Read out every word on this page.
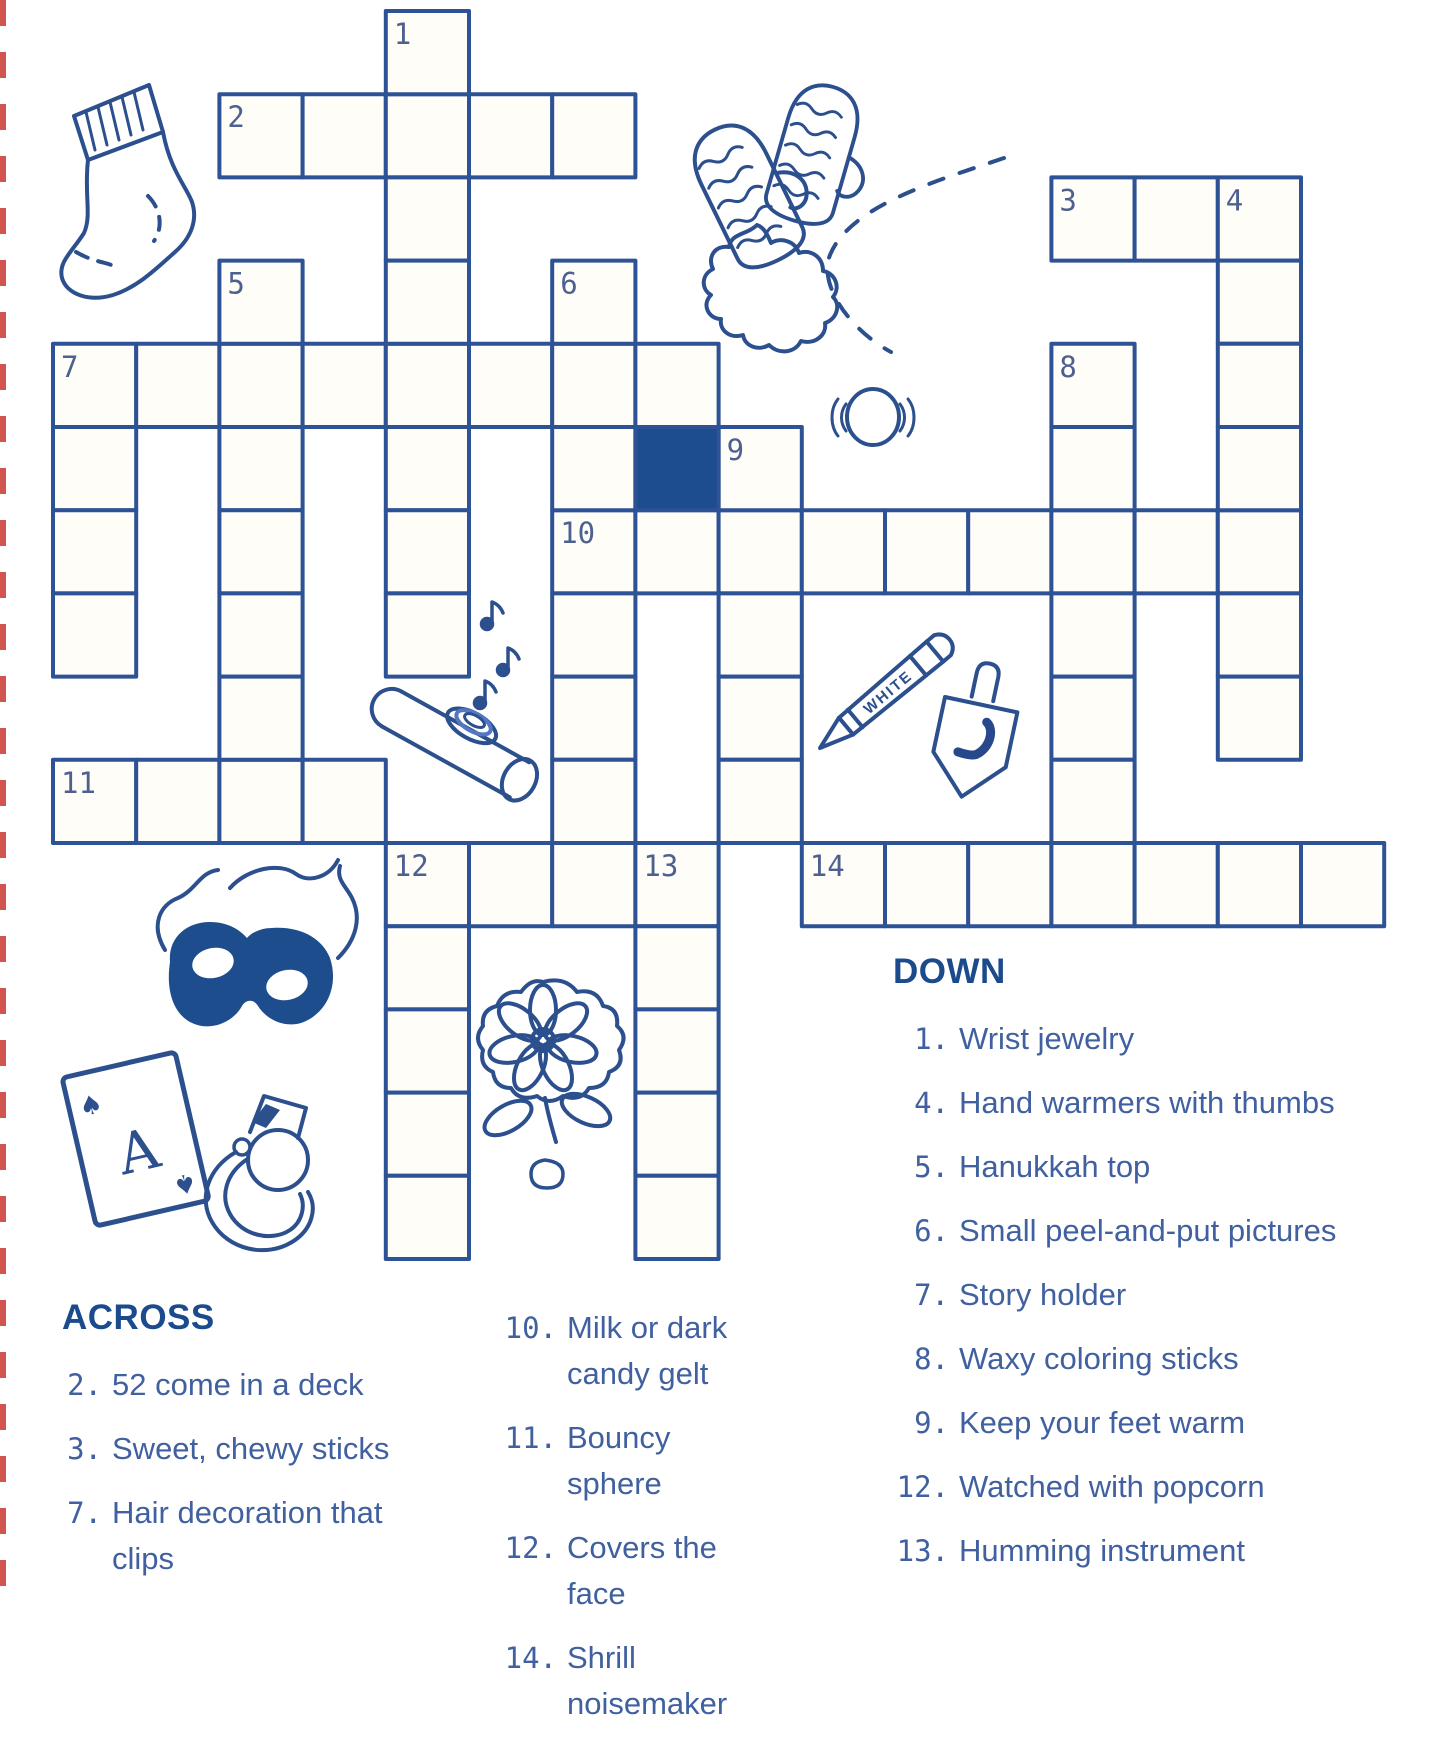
1
2
3	4
5	6
7	8
9
10
11
12	13	14
WHITE
A
♠
♠
ACROSS
2. 52 come in a deck
3. Sweet, chewy sticks
7. Hair decoration that clips
10. Milk or dark candy gelt
11. Bouncy sphere
12. Covers the face
14. Shrill noisemaker
DOWN
1. Wrist jewelry
4. Hand warmers with thumbs
5. Hanukkah top
6. Small peel-and-put pictures
7. Story holder
8. Waxy coloring sticks
9. Keep your feet warm
12. Watched with popcorn
13. Humming instrument
